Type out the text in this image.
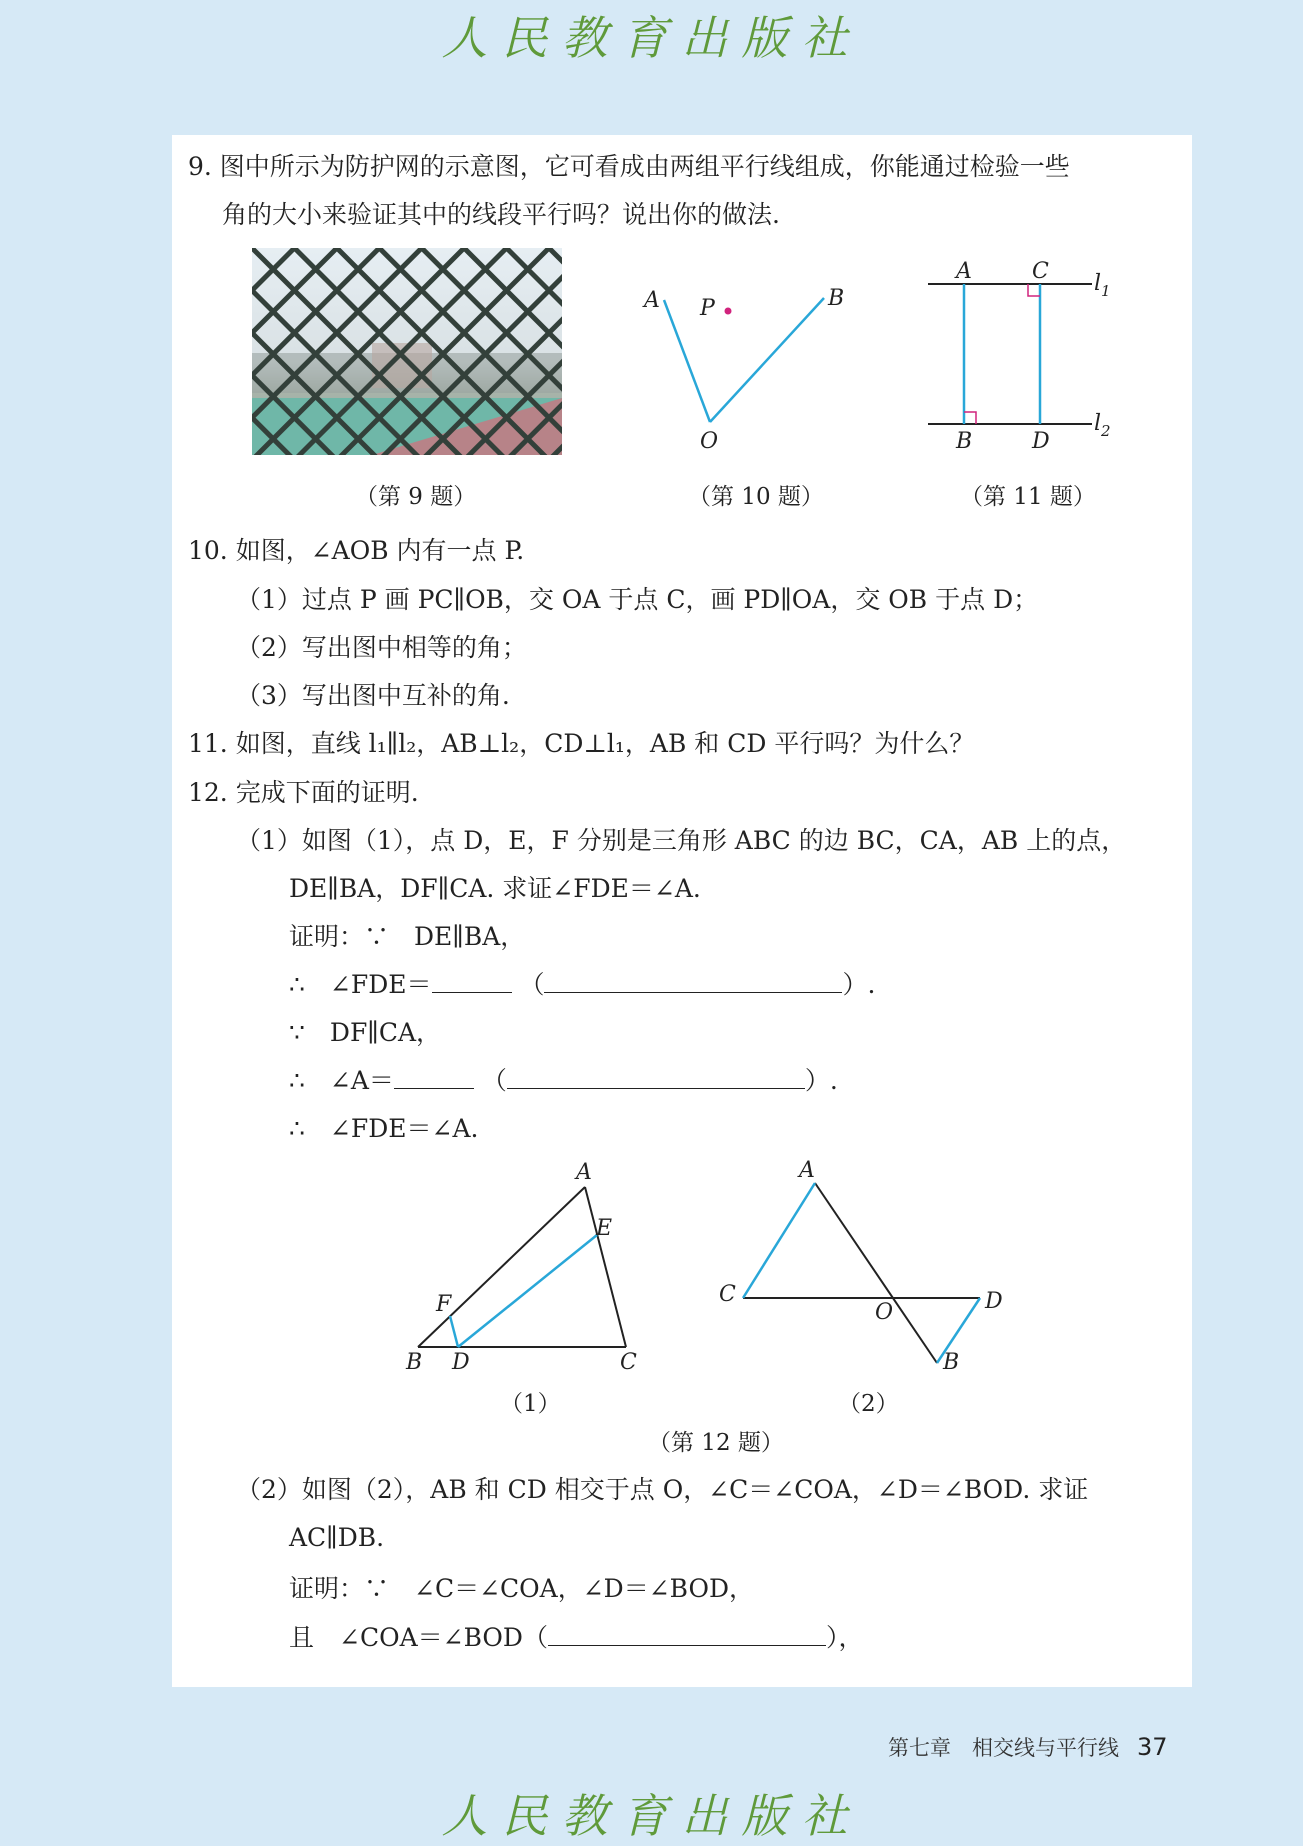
人民教育出版社
9. 图中所示为防护网的示意图，它可看成由两组平行线组成，你能通过检验一些
角的大小来验证其中的线段平行吗？说出你的做法.
A P	B
O
A	C
B	D
$l_1$
$l_2$
（第 9 题）	（第 10 题）	（第 11 题）
10. 如图，∠AOB 内有一点 P.
（1）过点 P 画 PC∥OB，交 OA 于点 C，画 PD∥OA，交 OB 于点 D；
（2）写出图中相等的角；
（3）写出图中互补的角.
11. 如图，直线 l₁∥l₂，AB⊥l₂，CD⊥l₁，AB 和 CD 平行吗？为什么？
12. 完成下面的证明.
（1）如图（1），点 D，E，F 分别是三角形 ABC 的边 BC，CA，AB 上的点，
DE∥BA，DF∥CA. 求证∠FDE＝∠A.
证明：∵　DE∥BA，
∴　∠FDE＝	（	）.
∵　DF∥CA，
∴　∠A＝	（	）.
∴　∠FDE＝∠A.
A
E
F
B D	C
A
C
O	D
B
（1）	（2）
（第 12 题）
（2）如图（2），AB 和 CD 相交于点 O，∠C＝∠COA，∠D＝∠BOD. 求证
AC∥DB.
证明：∵　∠C＝∠COA，∠D＝∠BOD，
且　∠COA＝∠BOD（	），
第七章　相交线与平行线 37
人民教育出版社
